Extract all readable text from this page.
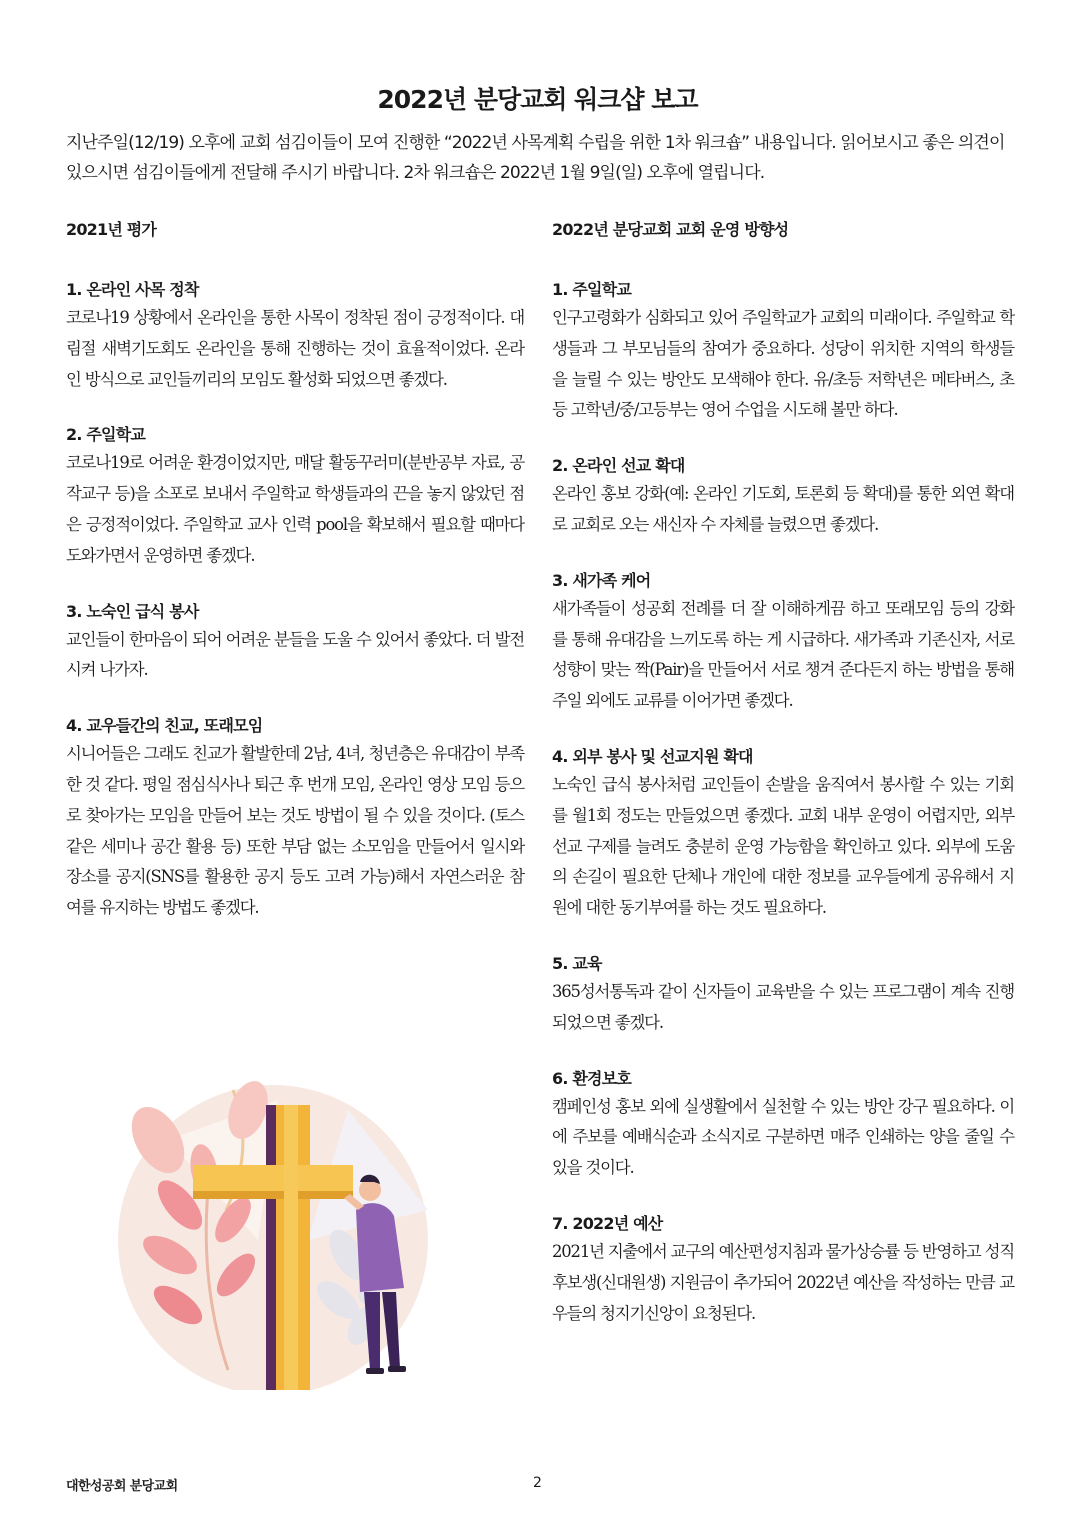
2022년 분당교회 워크샵 보고
지난주일(12/19) 오후에 교회 섬김이들이 모여 진행한 “2022년 사목계획 수립을 위한 1차 워크숍” 내용입니다. 읽어보시고 좋은 의견이 있으시면 섬김이들에게 전달해 주시기 바랍니다. 2차 워크숍은 2022년 1월 9일(일) 오후에 열립니다.

2021년 평가

1. 온라인 사목 정착

코로나19 상황에서 온라인을 통한 사목이 정착된 점이 긍정적이다. 대림절 새벽기도회도 온라인을 통해 진행하는 것이 효율적이었다. 온라인 방식으로 교인들끼리의 모임도 활성화 되었으면 좋겠다.

2. 주일학교

코로나19로 어려운 환경이었지만, 매달 활동꾸러미(분반공부 자료, 공작교구 등)을 소포로 보내서 주일학교 학생들과의 끈을 놓지 않았던 점은 긍정적이었다. 주일학교 교사 인력 pool을 확보해서 필요할 때마다 도와가면서 운영하면 좋겠다.

3. 노숙인 급식 봉사

교인들이 한마음이 되어 어려운 분들을 도울 수 있어서 좋았다. 더 발전시켜 나가자.

4. 교우들간의 친교, 또래모임

시니어들은 그래도 친교가 활발한데 2남, 4녀, 청년층은 유대감이 부족한 것 같다. 평일 점심식사나 퇴근 후 번개 모임, 온라인 영상 모임 등으로 찾아가는 모임을 만들어 보는 것도 방법이 될 수 있을 것이다. (토스 같은 세미나 공간 활용 등) 또한 부담 없는 소모임을 만들어서 일시와 장소를 공지(SNS를 활용한 공지 등도 고려 가능)해서 자연스러운 참여를 유지하는 방법도 좋겠다.

2022년 분당교회 교회 운영 방향성

1. 주일학교

인구고령화가 심화되고 있어 주일학교가 교회의 미래이다. 주일학교 학생들과 그 부모님들의 참여가 중요하다. 성당이 위치한 지역의 학생들을 늘릴 수 있는 방안도 모색해야 한다. 유/초등 저학년은 메타버스, 초등 고학년/중/고등부는 영어 수업을 시도해 볼만 하다.

2. 온라인 선교 확대

온라인 홍보 강화(예: 온라인 기도회, 토론회 등 확대)를 통한 외연 확대로 교회로 오는 새신자 수 자체를 늘렸으면 좋겠다.

3. 새가족 케어

새가족들이 성공회 전례를 더 잘 이해하게끔 하고 또래모임 등의 강화를 통해 유대감을 느끼도록 하는 게 시급하다. 새가족과 기존신자, 서로 성향이 맞는 짝(Pair)을 만들어서 서로 챙겨 준다든지 하는 방법을 통해 주일 외에도 교류를 이어가면 좋겠다.

4. 외부 봉사 및 선교지원 확대

노숙인 급식 봉사처럼 교인들이 손발을 움직여서 봉사할 수 있는 기회를 월1회 정도는 만들었으면 좋겠다. 교회 내부 운영이 어렵지만, 외부 선교 구제를 늘려도 충분히 운영 가능함을 확인하고 있다. 외부에 도움의 손길이 필요한 단체나 개인에 대한 정보를 교우들에게 공유해서 지원에 대한 동기부여를 하는 것도 필요하다.

5. 교육

365성서통독과 같이 신자들이 교육받을 수 있는 프로그램이 계속 진행되었으면 좋겠다.

6. 환경보호

캠페인성 홍보 외에 실생활에서 실천할 수 있는 방안 강구 필요하다. 이에 주보를 예배식순과 소식지로 구분하면 매주 인쇄하는 양을 줄일 수 있을 것이다.

7. 2022년 예산

2021년 지출에서 교구의 예산편성지침과 물가상승률 등 반영하고 성직후보생(신대원생) 지원금이 추가되어 2022년 예산을 작성하는 만큼 교우들의 청지기신앙이 요청된다.

대한성공회 분당교회	2
